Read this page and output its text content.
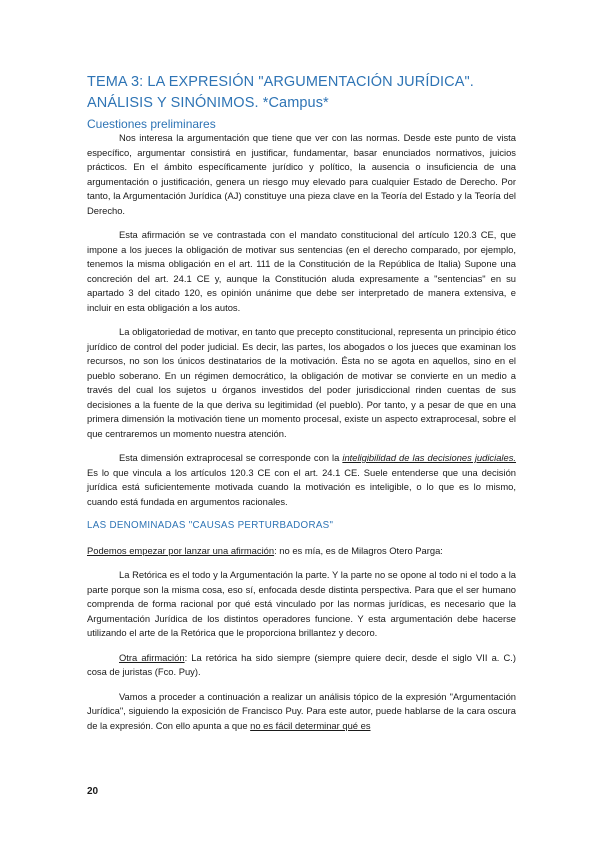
TEMA 3: LA EXPRESIÓN "ARGUMENTACIÓN JURÍDICA". ANÁLISIS Y SINÓNIMOS. *Campus*
Cuestiones preliminares

Nos interesa la argumentación que tiene que ver con las normas. Desde este punto de vista específico, argumentar consistirá en justificar, fundamentar, basar enunciados normativos, juicios prácticos. En el ámbito específicamente jurídico y político, la ausencia o insuficiencia de una argumentación o justificación, genera un riesgo muy elevado para cualquier Estado de Derecho. Por tanto, la Argumentación Jurídica (AJ) constituye una pieza clave en la Teoría del Estado y la Teoría del Derecho.

Esta afirmación se ve contrastada con el mandato constitucional del artículo 120.3 CE, que impone a los jueces la obligación de motivar sus sentencias (en el derecho comparado, por ejemplo, tenemos la misma obligación en el art. 111 de la Constitución de la República de Italia) Supone una concreción del art. 24.1 CE y, aunque la Constitución aluda expresamente a "sentencias" en su apartado 3 del citado 120, es opinión unánime que debe ser interpretado de manera extensiva, e incluir en esta obligación a los autos.

La obligatoriedad de motivar, en tanto que precepto constitucional, representa un principio ético jurídico de control del poder judicial. Es decir, las partes, los abogados o los jueces que examinan los recursos, no son los únicos destinatarios de la motivación. Ésta no se agota en aquellos, sino en el pueblo soberano. En un régimen democrático, la obligación de motivar se convierte en un medio a través del cual los sujetos u órganos investidos del poder jurisdiccional rinden cuentas de sus decisiones a la fuente de la que deriva su legitimidad (el pueblo). Por tanto, y a pesar de que en una primera dimensión la motivación tiene un momento procesal, existe un aspecto extraprocesal, sobre el que centraremos un momento nuestra atención.

Esta dimensión extraprocesal se corresponde con la inteligibilidad de las decisiones judiciales. Es lo que vincula a los artículos 120.3 CE con el art. 24.1 CE. Suele entenderse que una decisión jurídica está suficientemente motivada cuando la motivación es inteligible, o lo que es lo mismo, cuando está fundada en argumentos racionales.

LAS DENOMINADAS "CAUSAS PERTURBADORAS"

Podemos empezar por lanzar una afirmación: no es mía, es de Milagros Otero Parga:

La Retórica es el todo y la Argumentación la parte. Y la parte no se opone al todo ni el todo a la parte porque son la misma cosa, eso sí, enfocada desde distinta perspectiva. Para que el ser humano comprenda de forma racional por qué está vinculado por las normas jurídicas, es necesario que la Argumentación Jurídica de los distintos operadores funcione. Y esta argumentación debe hacerse utilizando el arte de la Retórica que le proporciona brillantez y decoro.

Otra afirmación: La retórica ha sido siempre (siempre quiere decir, desde el siglo VII a. C.) cosa de juristas (Fco. Puy).

Vamos a proceder a continuación a realizar un análisis tópico de la expresión "Argumentación Jurídica", siguiendo la exposición de Francisco Puy. Para este autor, puede hablarse de la cara oscura de la expresión. Con ello apunta a que no es fácil determinar qué es

20
